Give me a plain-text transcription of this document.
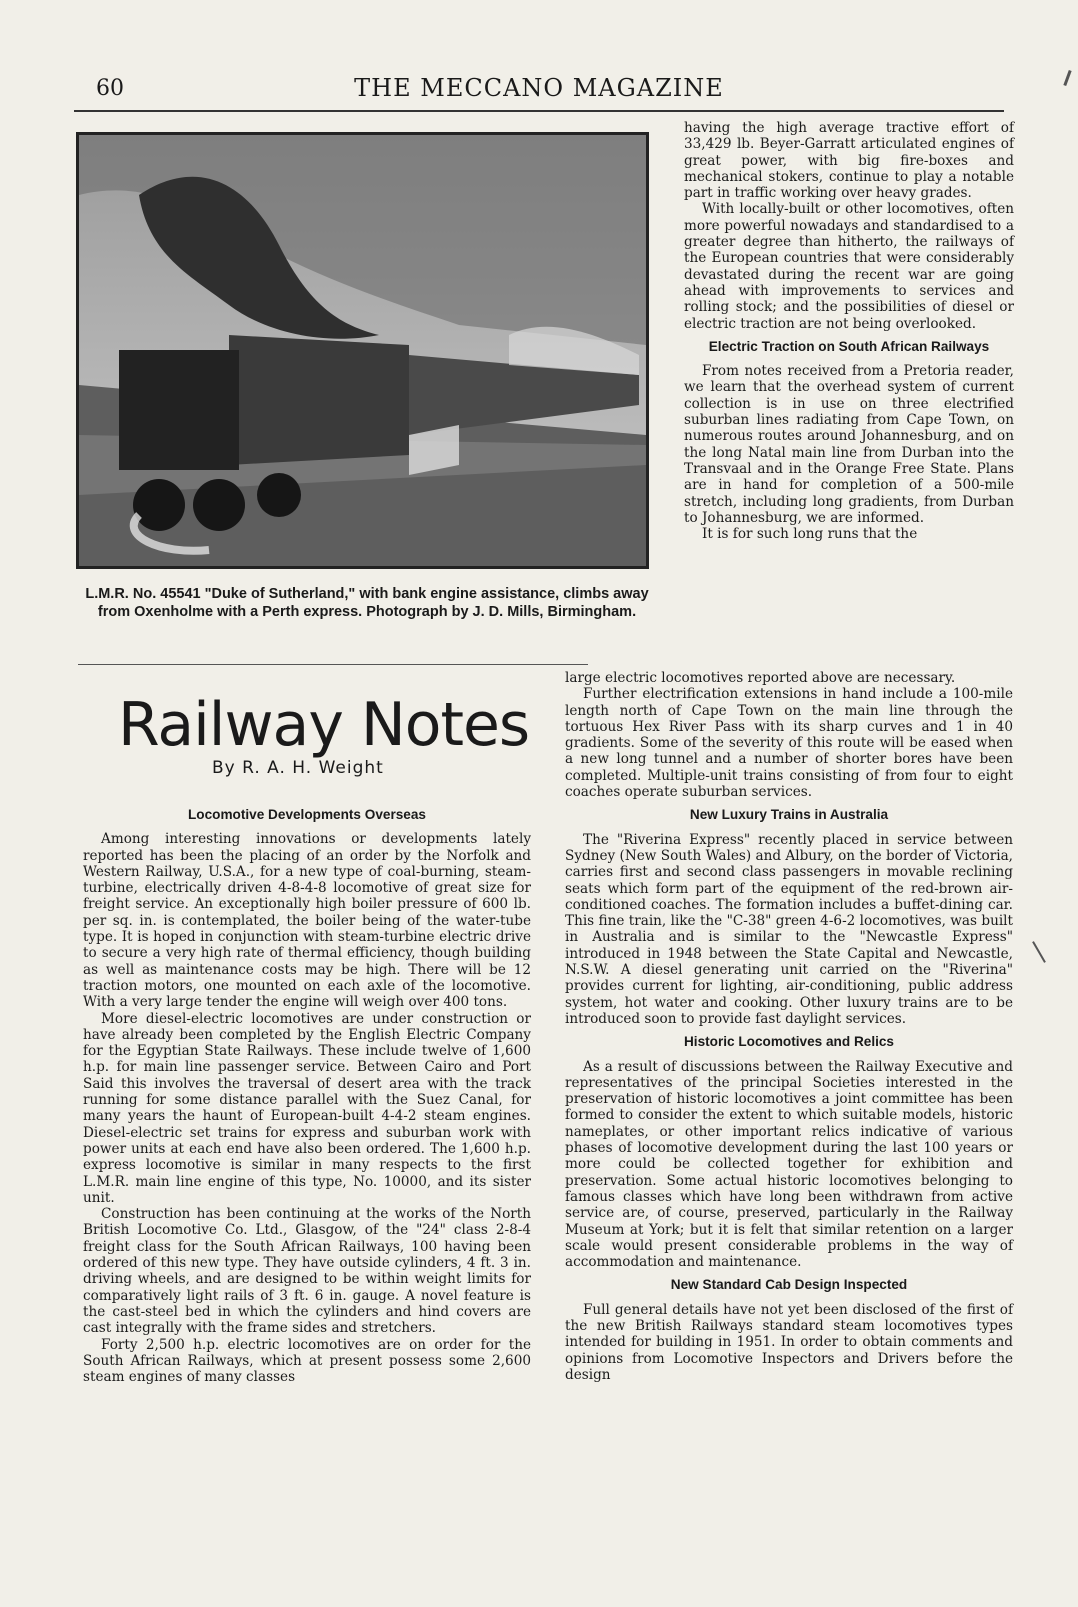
60	THE MECCANO MAGAZINE
L.M.R. No. 45541 "Duke of Sutherland," with bank engine assistance, climbs away from Oxenholme with a Perth express. Photograph by J. D. Mills, Birmingham.
Railway Notes
By R. A. H. Weight
Locomotive Developments Overseas

Among interesting innovations or developments lately reported has been the placing of an order by the Norfolk and Western Railway, U.S.A., for a new type of coal-burning, steam-turbine, electrically driven 4-8-4-8 locomotive of great size for freight service. An exceptionally high boiler pressure of 600 lb. per sq. in. is contemplated, the boiler being of the water-tube type. It is hoped in conjunction with steam-turbine electric drive to secure a very high rate of thermal efficiency, though building as well as maintenance costs may be high. There will be 12 traction motors, one mounted on each axle of the locomotive. With a very large tender the engine will weigh over 400 tons.

More diesel-electric locomotives are under construction or have already been completed by the English Electric Company for the Egyptian State Railways. These include twelve of 1,600 h.p. for main line passenger service. Between Cairo and Port Said this involves the traversal of desert area with the track running for some distance parallel with the Suez Canal, for many years the haunt of European-built 4-4-2 steam engines. Diesel-electric set trains for express and suburban work with power units at each end have also been ordered. The 1,600 h.p. express locomotive is similar in many respects to the first L.M.R. main line engine of this type, No. 10000, and its sister unit.

Construction has been continuing at the works of the North British Locomotive Co. Ltd., Glasgow, of the "24" class 2-8-4 freight class for the South African Railways, 100 having been ordered of this new type. They have outside cylinders, 4 ft. 3 in. driving wheels, and are designed to be within weight limits for comparatively light rails of 3 ft. 6 in. gauge. A novel feature is the cast-steel bed in which the cylinders and hind covers are cast integrally with the frame sides and stretchers.

Forty 2,500 h.p. electric locomotives are on order for the South African Railways, which at present possess some 2,600 steam engines of many classes

having the high average tractive effort of 33,429 lb. Beyer-Garratt articulated engines of great power, with big fire-boxes and mechanical stokers, continue to play a notable part in traffic working over heavy grades.

With locally-built or other locomotives, often more powerful nowadays and standardised to a greater degree than hitherto, the railways of the European countries that were considerably devastated during the recent war are going ahead with improvements to services and rolling stock; and the possibilities of diesel or electric traction are not being overlooked.

Electric Traction on South African Railways

From notes received from a Pretoria reader, we learn that the overhead system of current collection is in use on three electrified suburban lines radiating from Cape Town, on numerous routes around Johannesburg, and on the long Natal main line from Durban into the Transvaal and in the Orange Free State. Plans are in hand for completion of a 500-mile stretch, including long gradients, from Durban to Johannesburg, we are informed.

It is for such long runs that the

large electric locomotives reported above are necessary.

Further electrification extensions in hand include a 100-mile length north of Cape Town on the main line through the tortuous Hex River Pass with its sharp curves and 1 in 40 gradients. Some of the severity of this route will be eased when a new long tunnel and a number of shorter bores have been completed. Multiple-unit trains consisting of from four to eight coaches operate suburban services.

New Luxury Trains in Australia

The "Riverina Express" recently placed in service between Sydney (New South Wales) and Albury, on the border of Victoria, carries first and second class passengers in movable reclining seats which form part of the equipment of the red-brown air-conditioned coaches. The formation includes a buffet-dining car. This fine train, like the "C-38" green 4-6-2 locomotives, was built in Australia and is similar to the "Newcastle Express" introduced in 1948 between the State Capital and Newcastle, N.S.W. A diesel generating unit carried on the "Riverina" provides current for lighting, air-conditioning, public address system, hot water and cooking. Other luxury trains are to be introduced soon to provide fast daylight services.

Historic Locomotives and Relics

As a result of discussions between the Railway Executive and representatives of the principal Societies interested in the preservation of historic locomotives a joint committee has been formed to consider the extent to which suitable models, historic nameplates, or other important relics indicative of various phases of locomotive development during the last 100 years or more could be collected together for exhibition and preservation. Some actual historic locomotives belonging to famous classes which have long been withdrawn from active service are, of course, preserved, particularly in the Railway Museum at York; but it is felt that similar retention on a larger scale would present considerable problems in the way of accommodation and maintenance.

New Standard Cab Design Inspected

Full general details have not yet been disclosed of the first of the new British Railways standard steam locomotives types intended for building in 1951. In order to obtain comments and opinions from Locomotive Inspectors and Drivers before the design
